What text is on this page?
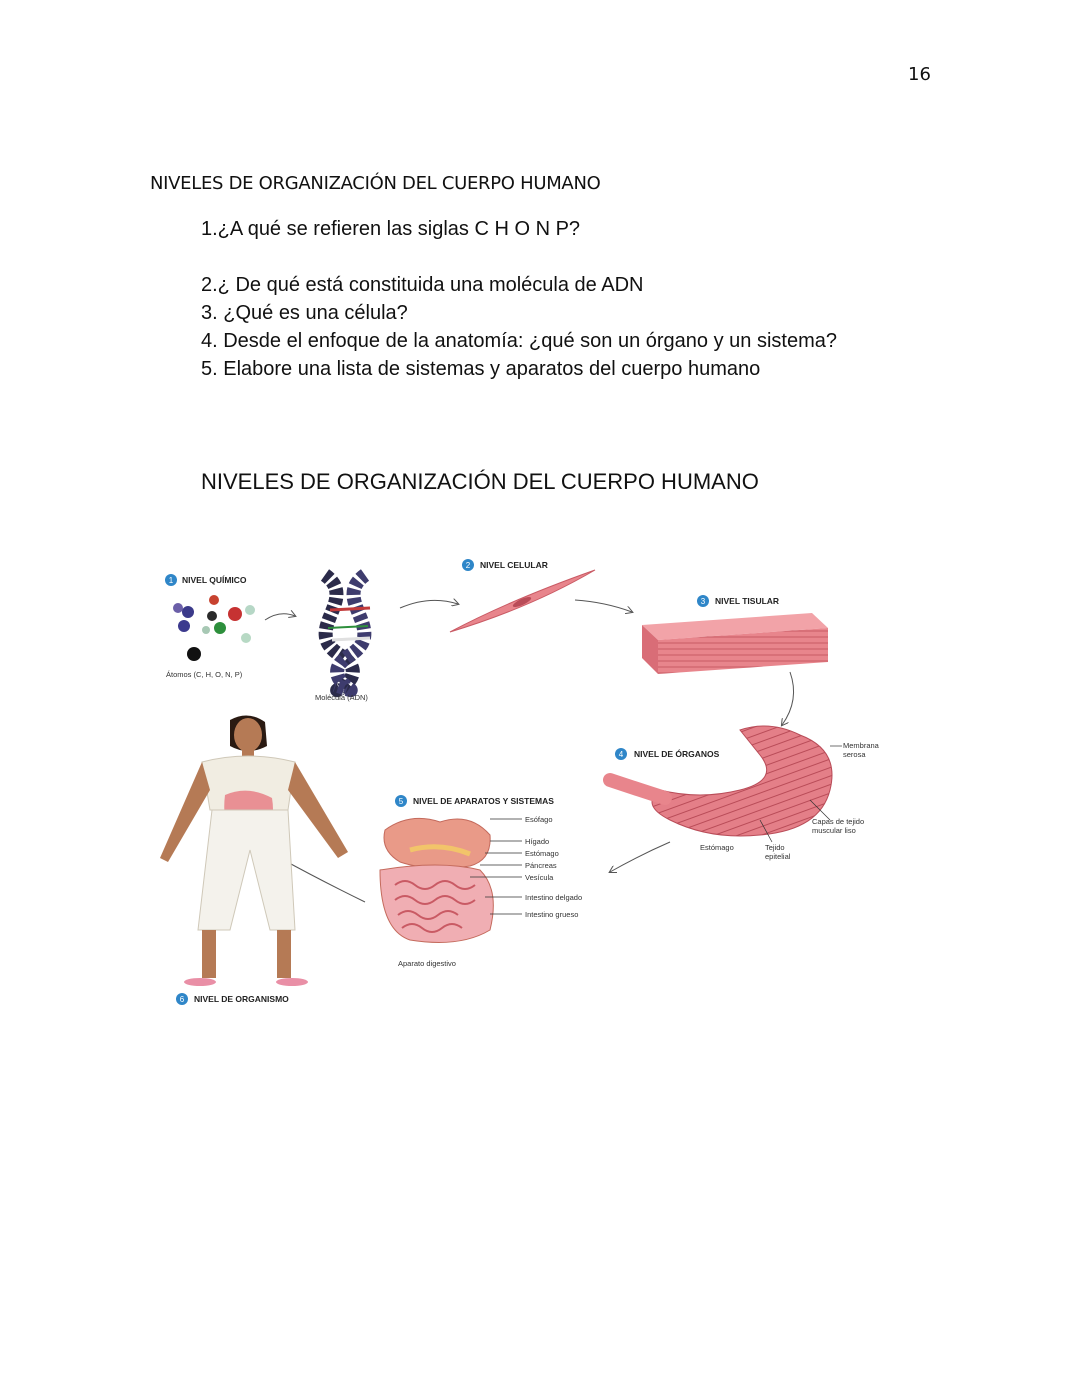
16
NIVELES DE ORGANIZACIÓN DEL CUERPO HUMANO
1.¿A qué se refieren las siglas C H O N P?
2.¿ De qué está constituida una molécula de ADN
3. ¿Qué es una célula?
4. Desde el enfoque de la anatomía: ¿qué son un órgano y un sistema?
5. Elabore una lista de sistemas y aparatos del cuerpo humano
NIVELES DE ORGANIZACIÓN DEL CUERPO HUMANO
1 NIVEL QUÍMICO
Átomos (C, H, O, N, P)
Molécula (ADN)
2 NIVEL CELULAR
3 NIVEL TISULAR
4 NIVEL DE ÓRGANOS
Membrana
serosa
Capas de tejido
muscular liso
Tejido
epitelial
Estómago
5 NIVEL DE APARATOS Y SISTEMAS
Esófago
Hígado
Estómago
Páncreas
Vesícula
Intestino delgado
Intestino grueso
Aparato digestivo
6 NIVEL DE ORGANISMO
